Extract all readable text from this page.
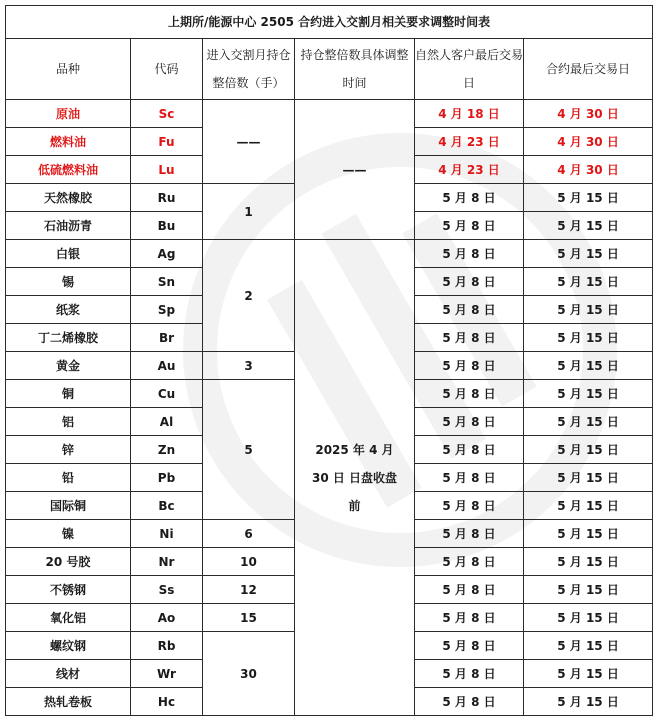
上期所/能源中心 2505 合约进入交割月相关要求调整时间表					
品种	代码	进入交割月持仓整倍数（手）	持仓整倍数具体调整时间	自然人客户最后交易日	合约最后交易日
原油	Sc	——	——	4 月 18 日	4 月 30 日
燃料油	Fu			4 月 23 日	4 月 30 日
低硫燃料油	Lu			4 月 23 日	4 月 30 日
天然橡胶	Ru	1		5 月 8 日	5 月 15 日
石油沥青	Bu			5 月 8 日	5 月 15 日
白银	Ag	2	2025 年 4 月 30 日 日盘收盘前	5 月 8 日	5 月 15 日
锡	Sn			5 月 8 日	5 月 15 日
纸浆	Sp			5 月 8 日	5 月 15 日
丁二烯橡胶	Br			5 月 8 日	5 月 15 日
黄金	Au	3		5 月 8 日	5 月 15 日
铜	Cu	5		5 月 8 日	5 月 15 日
铝	Al			5 月 8 日	5 月 15 日
锌	Zn			5 月 8 日	5 月 15 日
铅	Pb			5 月 8 日	5 月 15 日
国际铜	Bc			5 月 8 日	5 月 15 日
镍	Ni	6		5 月 8 日	5 月 15 日
20 号胶	Nr	10		5 月 8 日	5 月 15 日
不锈钢	Ss	12		5 月 8 日	5 月 15 日
氧化铝	Ao	15		5 月 8 日	5 月 15 日
螺纹钢	Rb	30		5 月 8 日	5 月 15 日
线材	Wr			5 月 8 日	5 月 15 日
热轧卷板	Hc			5 月 8 日	5 月 15 日
